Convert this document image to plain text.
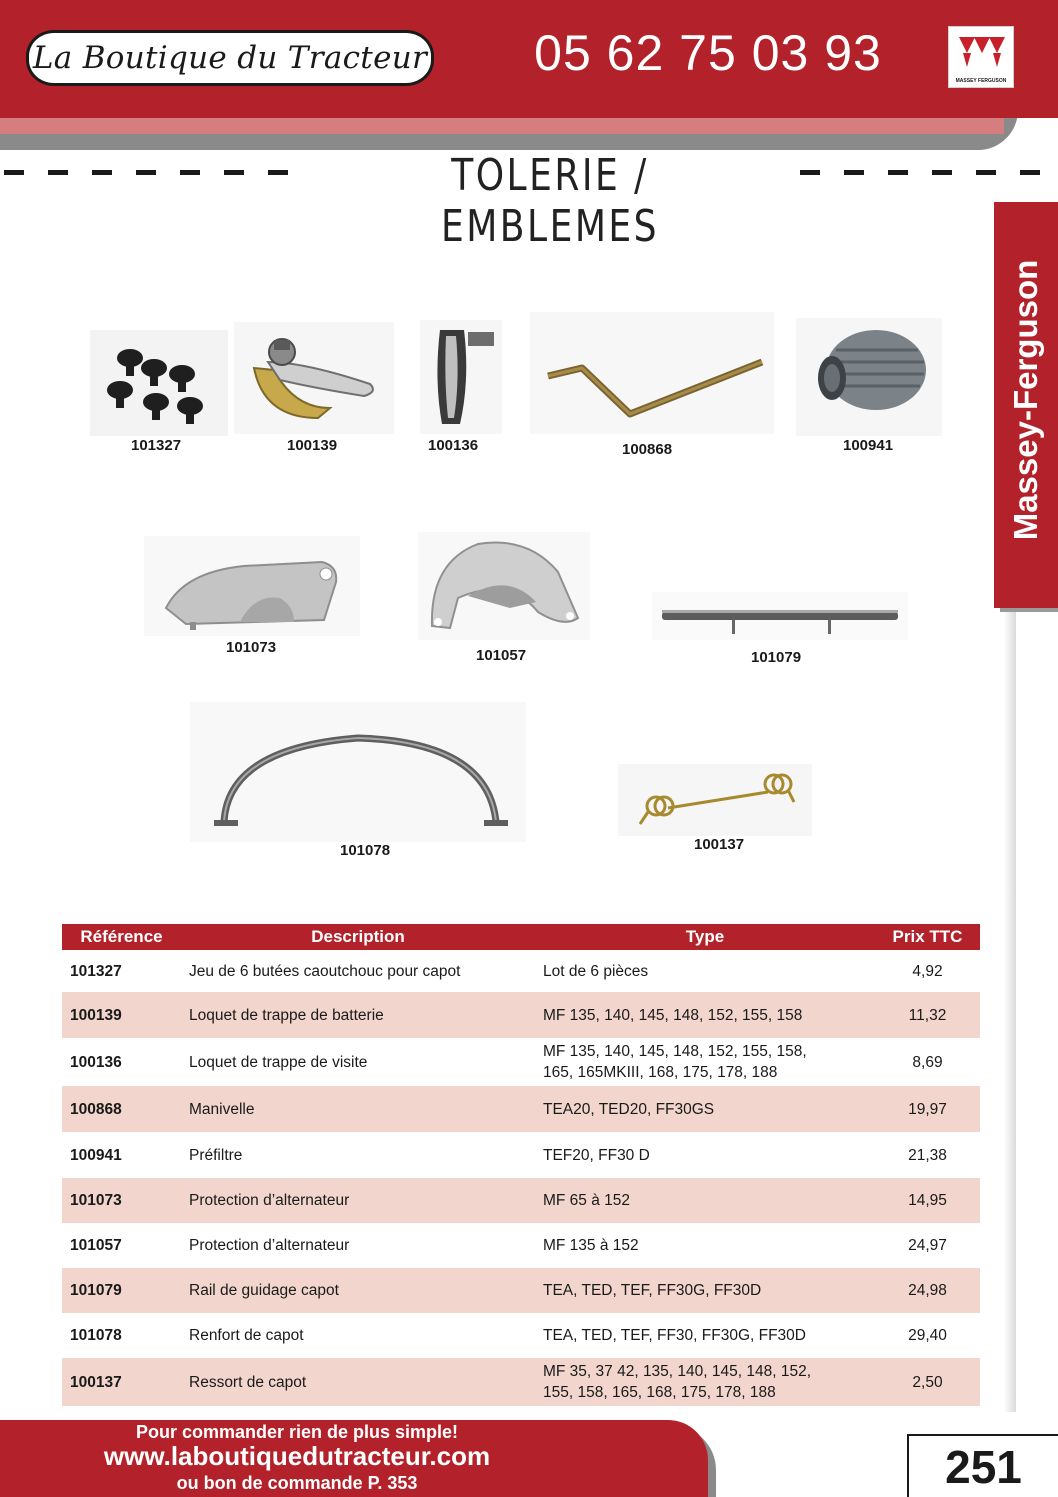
La Boutique du Tracteur	05 62 75 03 93	MASSEY FERGUSON
TOLERIE / EMBLEMES
Massey-Ferguson
101327	100139	100136	100868	100941
101073	101057	101079
101078	100137
Référence	Description	Type	Prix TTC
101327	Jeu de 6 butées caoutchouc pour capot	Lot de 6 pièces	4,92
100139	Loquet de trappe de batterie	MF 135, 140, 145, 148, 152, 155, 158	11,32
100136	Loquet de trappe de visite	MF 135, 140, 145, 148, 152, 155, 158,
165, 165MKIII, 168, 175, 178, 188	8,69
100868	Manivelle	TEA20, TED20, FF30GS	19,97
100941	Préfiltre	TEF20, FF30 D	21,38
101073	Protection d’alternateur	MF 65 à 152	14,95
101057	Protection d’alternateur	MF 135 à 152	24,97
101079	Rail de guidage capot	TEA, TED, TEF, FF30G, FF30D	24,98
101078	Renfort de capot	TEA, TED, TEF, FF30, FF30G, FF30D	29,40
100137	Ressort de capot	MF 35, 37 42, 135, 140, 145, 148, 152,
155, 158, 165, 168, 175, 178, 188	2,50
Pour commander rien de plus simple!
www.laboutiquedutracteur.com
ou bon de commande P. 353	251
